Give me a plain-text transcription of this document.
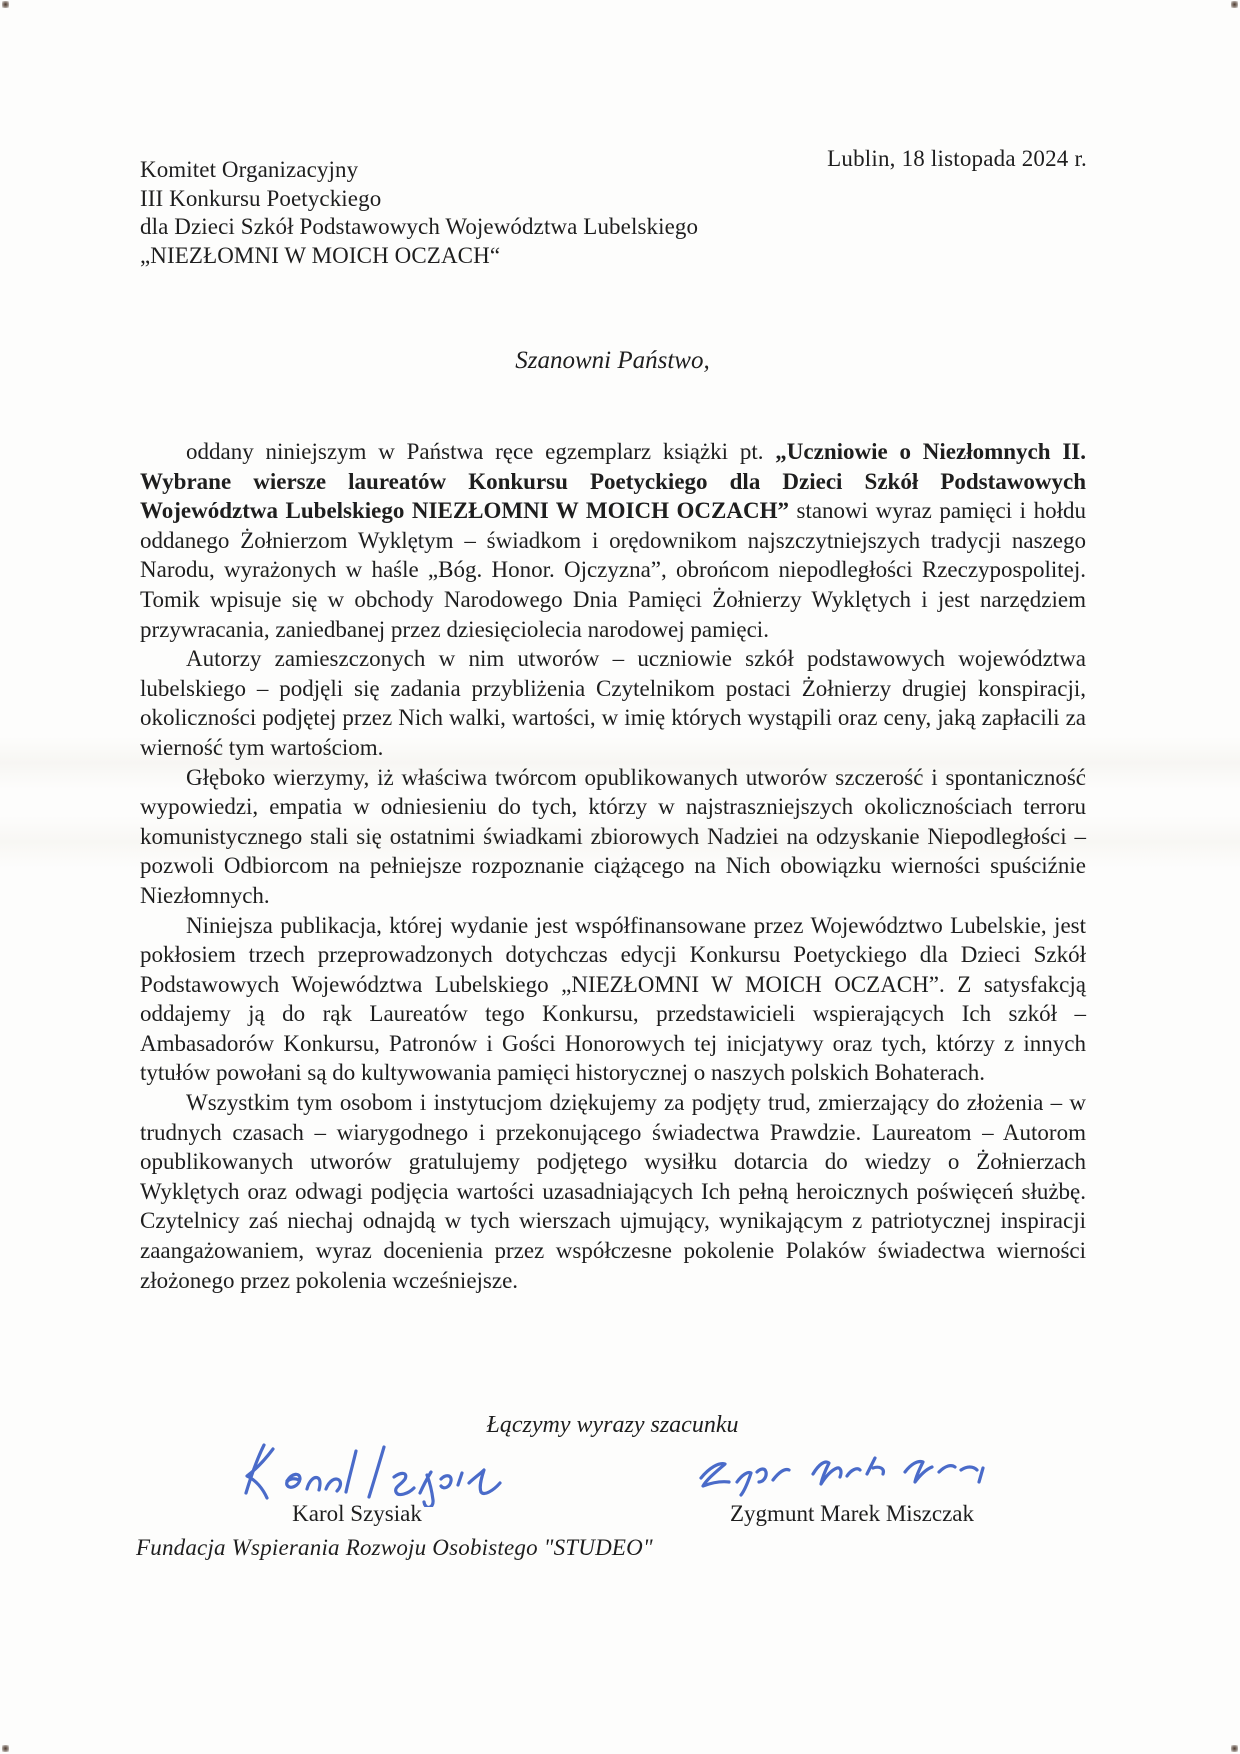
Lublin, 18 listopada 2024 r.
Komitet Organizacyjny
III Konkursu Poetyckiego
dla Dzieci Szkół Podstawowych Województwa Lubelskiego
„NIEZŁOMNI W MOICH OCZACH“
Szanowni Państwo,

oddany niniejszym w Państwa ręce egzemplarz książki pt. „Uczniowie o Niezłomnych II. Wybrane wiersze laureatów Konkursu Poetyckiego dla Dzieci Szkół Podstawowych Województwa Lubelskiego NIEZŁOMNI W MOICH OCZACH” stanowi wyraz pamięci i hołdu oddanego Żołnierzom Wyklętym – świadkom i orędownikom najszczytniejszych tradycji naszego Narodu, wyrażonych w haśle „Bóg. Honor. Ojczyzna”, obrońcom niepodległości Rzeczypospolitej. Tomik wpisuje się w obchody Narodowego Dnia Pamięci Żołnierzy Wyklętych i jest narzędziem przywracania, zaniedbanej przez dziesięciolecia narodowej pamięci.

Autorzy zamieszczonych w nim utworów – uczniowie szkół podstawowych województwa lubelskiego – podjęli się zadania przybliżenia Czytelnikom postaci Żołnierzy drugiej konspiracji, okoliczności podjętej przez Nich walki, wartości, w imię których wystąpili oraz ceny, jaką zapłacili za wierność tym wartościom.

Głęboko wierzymy, iż właściwa twórcom opublikowanych utworów szczerość i spontaniczność wypowiedzi, empatia w odniesieniu do tych, którzy w najstraszniejszych okolicznościach terroru komunistycznego stali się ostatnimi świadkami zbiorowych Nadziei na odzyskanie Niepodległości – pozwoli Odbiorcom na pełniejsze rozpoznanie ciążącego na Nich obowiązku wierności spuściźnie Niezłomnych.

Niniejsza publikacja, której wydanie jest współfinansowane przez Województwo Lubelskie, jest pokłosiem trzech przeprowadzonych dotychczas edycji Konkursu Poetyckiego dla Dzieci Szkół Podstawowych Województwa Lubelskiego „NIEZŁOMNI W MOICH OCZACH”. Z satysfakcją oddajemy ją do rąk Laureatów tego Konkursu, przedstawicieli wspierających Ich szkół – Ambasadorów Konkursu, Patronów i Gości Honorowych tej inicjatywy oraz tych, którzy z innych tytułów powołani są do kultywowania pamięci historycznej o naszych polskich Bohaterach.

Wszystkim tym osobom i instytucjom dziękujemy za podjęty trud, zmierzający do złożenia – w trudnych czasach – wiarygodnego i przekonującego świadectwa Prawdzie. Laureatom – Autorom opublikowanych utworów gratulujemy podjętego wysiłku dotarcia do wiedzy o Żołnierzach Wyklętych oraz odwagi podjęcia wartości uzasadniających Ich pełną heroicznych poświęceń służbę. Czytelnicy zaś niechaj odnajdą w tych wierszach ujmujący, wynikającym z patriotycznej inspiracji zaangażowaniem, wyraz docenienia przez współczesne pokolenie Polaków świadectwa wierności złożonego przez pokolenia wcześniejsze.

Łączymy wyrazy szacunku
Karol Szysiak	Zygmunt Marek Miszczak
Fundacja Wspierania Rozwoju Osobistego "STUDEO"
